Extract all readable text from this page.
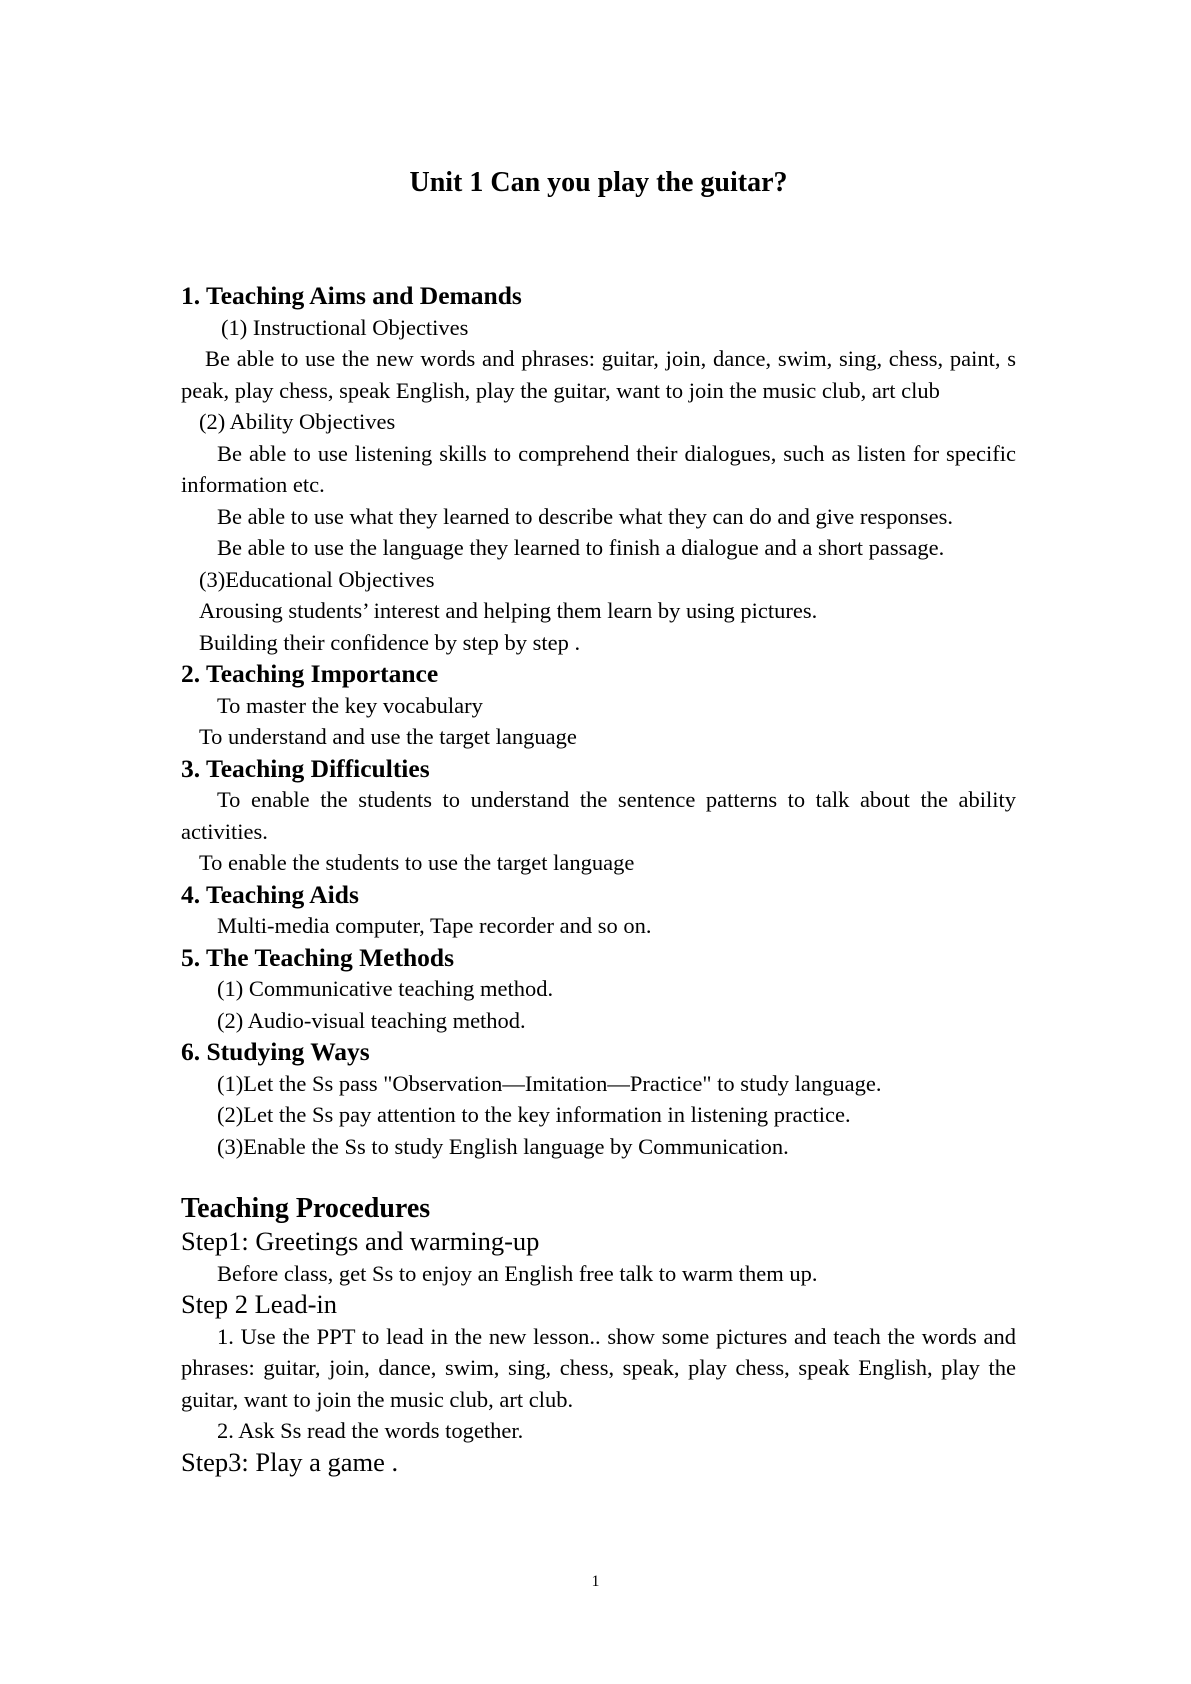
Unit 1 Can you play the guitar?
1. Teaching Aims and Demands

(1) Instructional Objectives

Be able to use the new words and phrases: guitar, join, dance, swim, sing, chess, paint, s peak, play chess, speak English, play the guitar, want to join the music club, art club

(2) Ability Objectives

Be able to use listening skills to comprehend their dialogues, such as listen for specific information etc.

Be able to use what they learned to describe what they can do and give responses.

Be able to use the language they learned to finish a dialogue and a short passage.

(3)Educational Objectives

Arousing students’ interest and helping them learn by using pictures.

Building their confidence by step by step .

2. Teaching Importance

To master the key vocabulary

To understand and use the target language

3. Teaching Difficulties

To enable the students to understand the sentence patterns to talk about the ability activities.

To enable the students to use the target language

4. Teaching Aids

Multi-media computer, Tape recorder and so on.

5. The Teaching Methods

(1) Communicative teaching method.

(2) Audio-visual teaching method.

6. Studying Ways

(1)Let the Ss pass "Observation—Imitation—Practice" to study language.

(2)Let the Ss pay attention to the key information in listening practice.

(3)Enable the Ss to study English language by Communication.

Teaching Procedures

Step1: Greetings and warming-up

Before class, get Ss to enjoy an English free talk to warm them up.

Step 2 Lead-in

1. Use the PPT to lead in the new lesson.. show some pictures and teach the words and phrases: guitar, join, dance, swim, sing, chess, speak, play chess, speak English, play the guitar, want to join the music club, art club.

2. Ask Ss read the words together.

Step3: Play a game .

1
